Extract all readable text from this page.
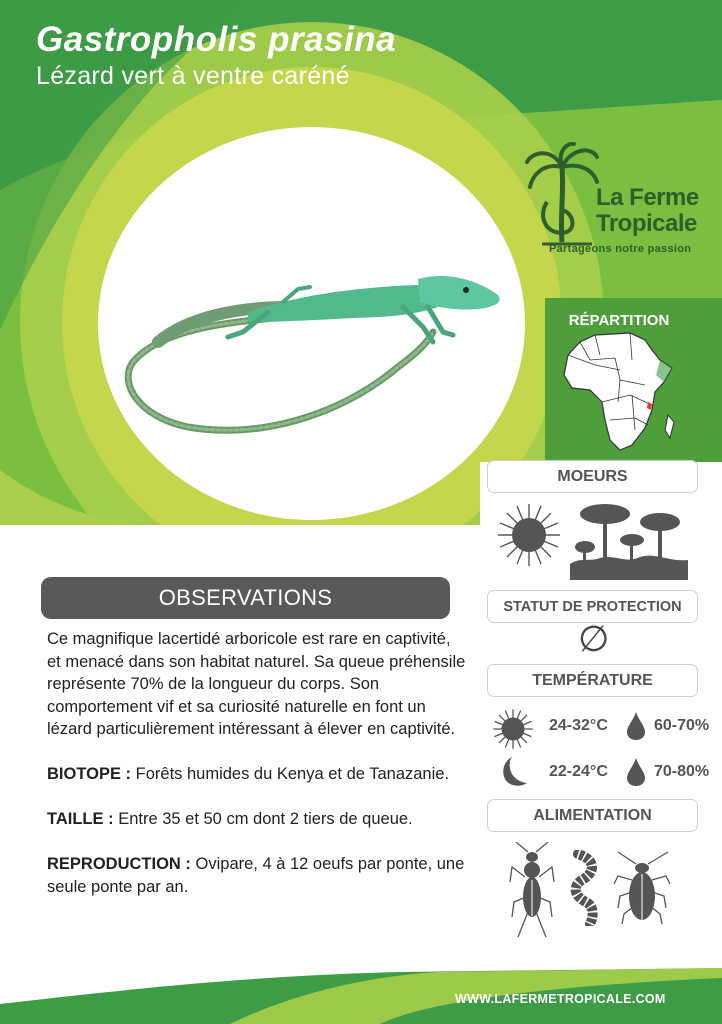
Gastropholis prasina
Lézard vert à ventre caréné
La Ferme
Tropicale
Partageons notre passion
RÉPARTITION
MOEURS
STATUT DE PROTECTION
∅
TEMPÉRATURE
24-32°C	60-70%
22-24°C	70-80%
ALIMENTATION
OBSERVATIONS

Ce magnifique lacertidé arboricole est rare en captivité, et menacé dans son habitat naturel. Sa queue préhensile représente 70% de la longueur du corps. Son comportement vif et sa curiosité naturelle en font un lézard particulièrement intéressant à élever en captivité.

BIOTOPE : Forêts humides du Kenya et de Tanazanie.

TAILLE : Entre 35 et 50 cm dont 2 tiers de queue.

REPRODUCTION : Ovipare, 4 à 12 oeufs par ponte, une seule ponte par an.

WWW.LAFERMETROPICALE.COM
